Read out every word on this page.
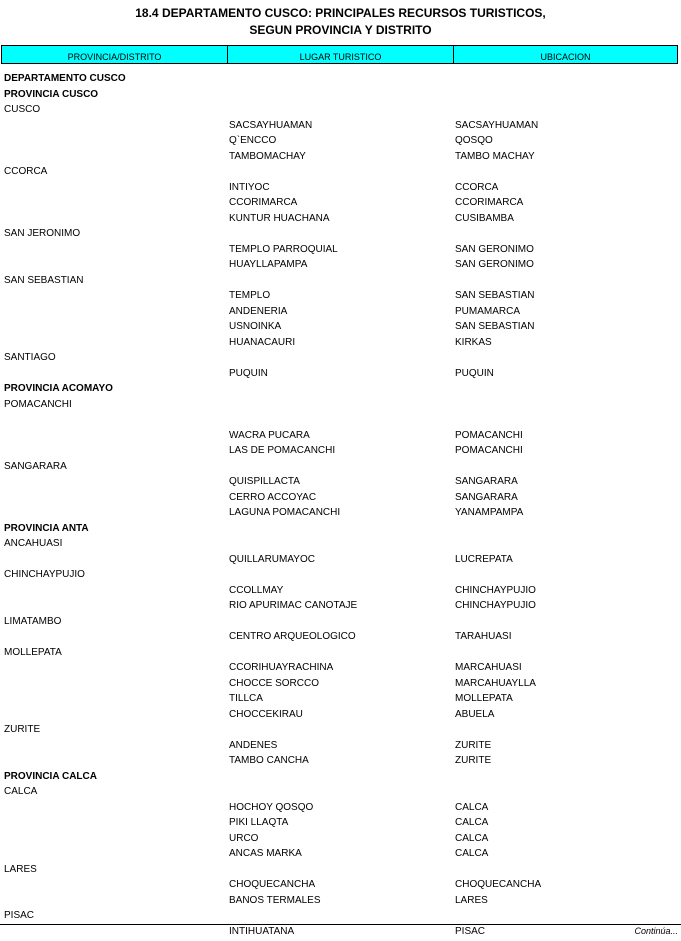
18.4 DEPARTAMENTO CUSCO: PRINCIPALES RECURSOS TURISTICOS,
SEGUN PROVINCIA Y DISTRITO
PROVINCIA/DISTRITO	LUGAR TURISTICO	UBICACION
DEPARTAMENTO CUSCO
PROVINCIA CUSCO
CUSCO
SACSAYHUAMAN	SACSAYHUAMAN
Q`ENCCO	QOSQO
TAMBOMACHAY	TAMBO MACHAY
CCORCA
INTIYOC	CCORCA
CCORIMARCA	CCORIMARCA
KUNTUR HUACHANA	CUSIBAMBA
SAN JERONIMO
TEMPLO PARROQUIAL	SAN GERONIMO
HUAYLLAPAMPA	SAN GERONIMO
SAN SEBASTIAN
TEMPLO	SAN SEBASTIAN
ANDENERIA	PUMAMARCA
USNOINKA	SAN SEBASTIAN
HUANACAURI	KIRKAS
SANTIAGO
PUQUIN	PUQUIN
PROVINCIA ACOMAYO
POMACANCHI
WACRA PUCARA	POMACANCHI
LAS DE POMACANCHI	POMACANCHI
SANGARARA
QUISPILLACTA	SANGARARA
CERRO ACCOYAC	SANGARARA
LAGUNA POMACANCHI	YANAMPAMPA
PROVINCIA ANTA
ANCAHUASI
QUILLARUMAYOC	LUCREPATA
CHINCHAYPUJIO
CCOLLMAY	CHINCHAYPUJIO
RIO APURIMAC CANOTAJE	CHINCHAYPUJIO
LIMATAMBO
CENTRO ARQUEOLOGICO	TARAHUASI
MOLLEPATA
CCORIHUAYRACHINA	MARCAHUASI
CHOCCE SORCCO	MARCAHUAYLLA
TILLCA	MOLLEPATA
CHOCCEKIRAU	ABUELA
ZURITE
ANDENES	ZURITE
TAMBO CANCHA	ZURITE
PROVINCIA CALCA
CALCA
HOCHOY QOSQO	CALCA
PIKI LLAQTA	CALCA
URCO	CALCA
ANCAS MARKA	CALCA
LARES
CHOQUECANCHA	CHOQUECANCHA
BANOS TERMALES	LARES
PISAC
INTIHUATANA	PISAC	Continúa...
